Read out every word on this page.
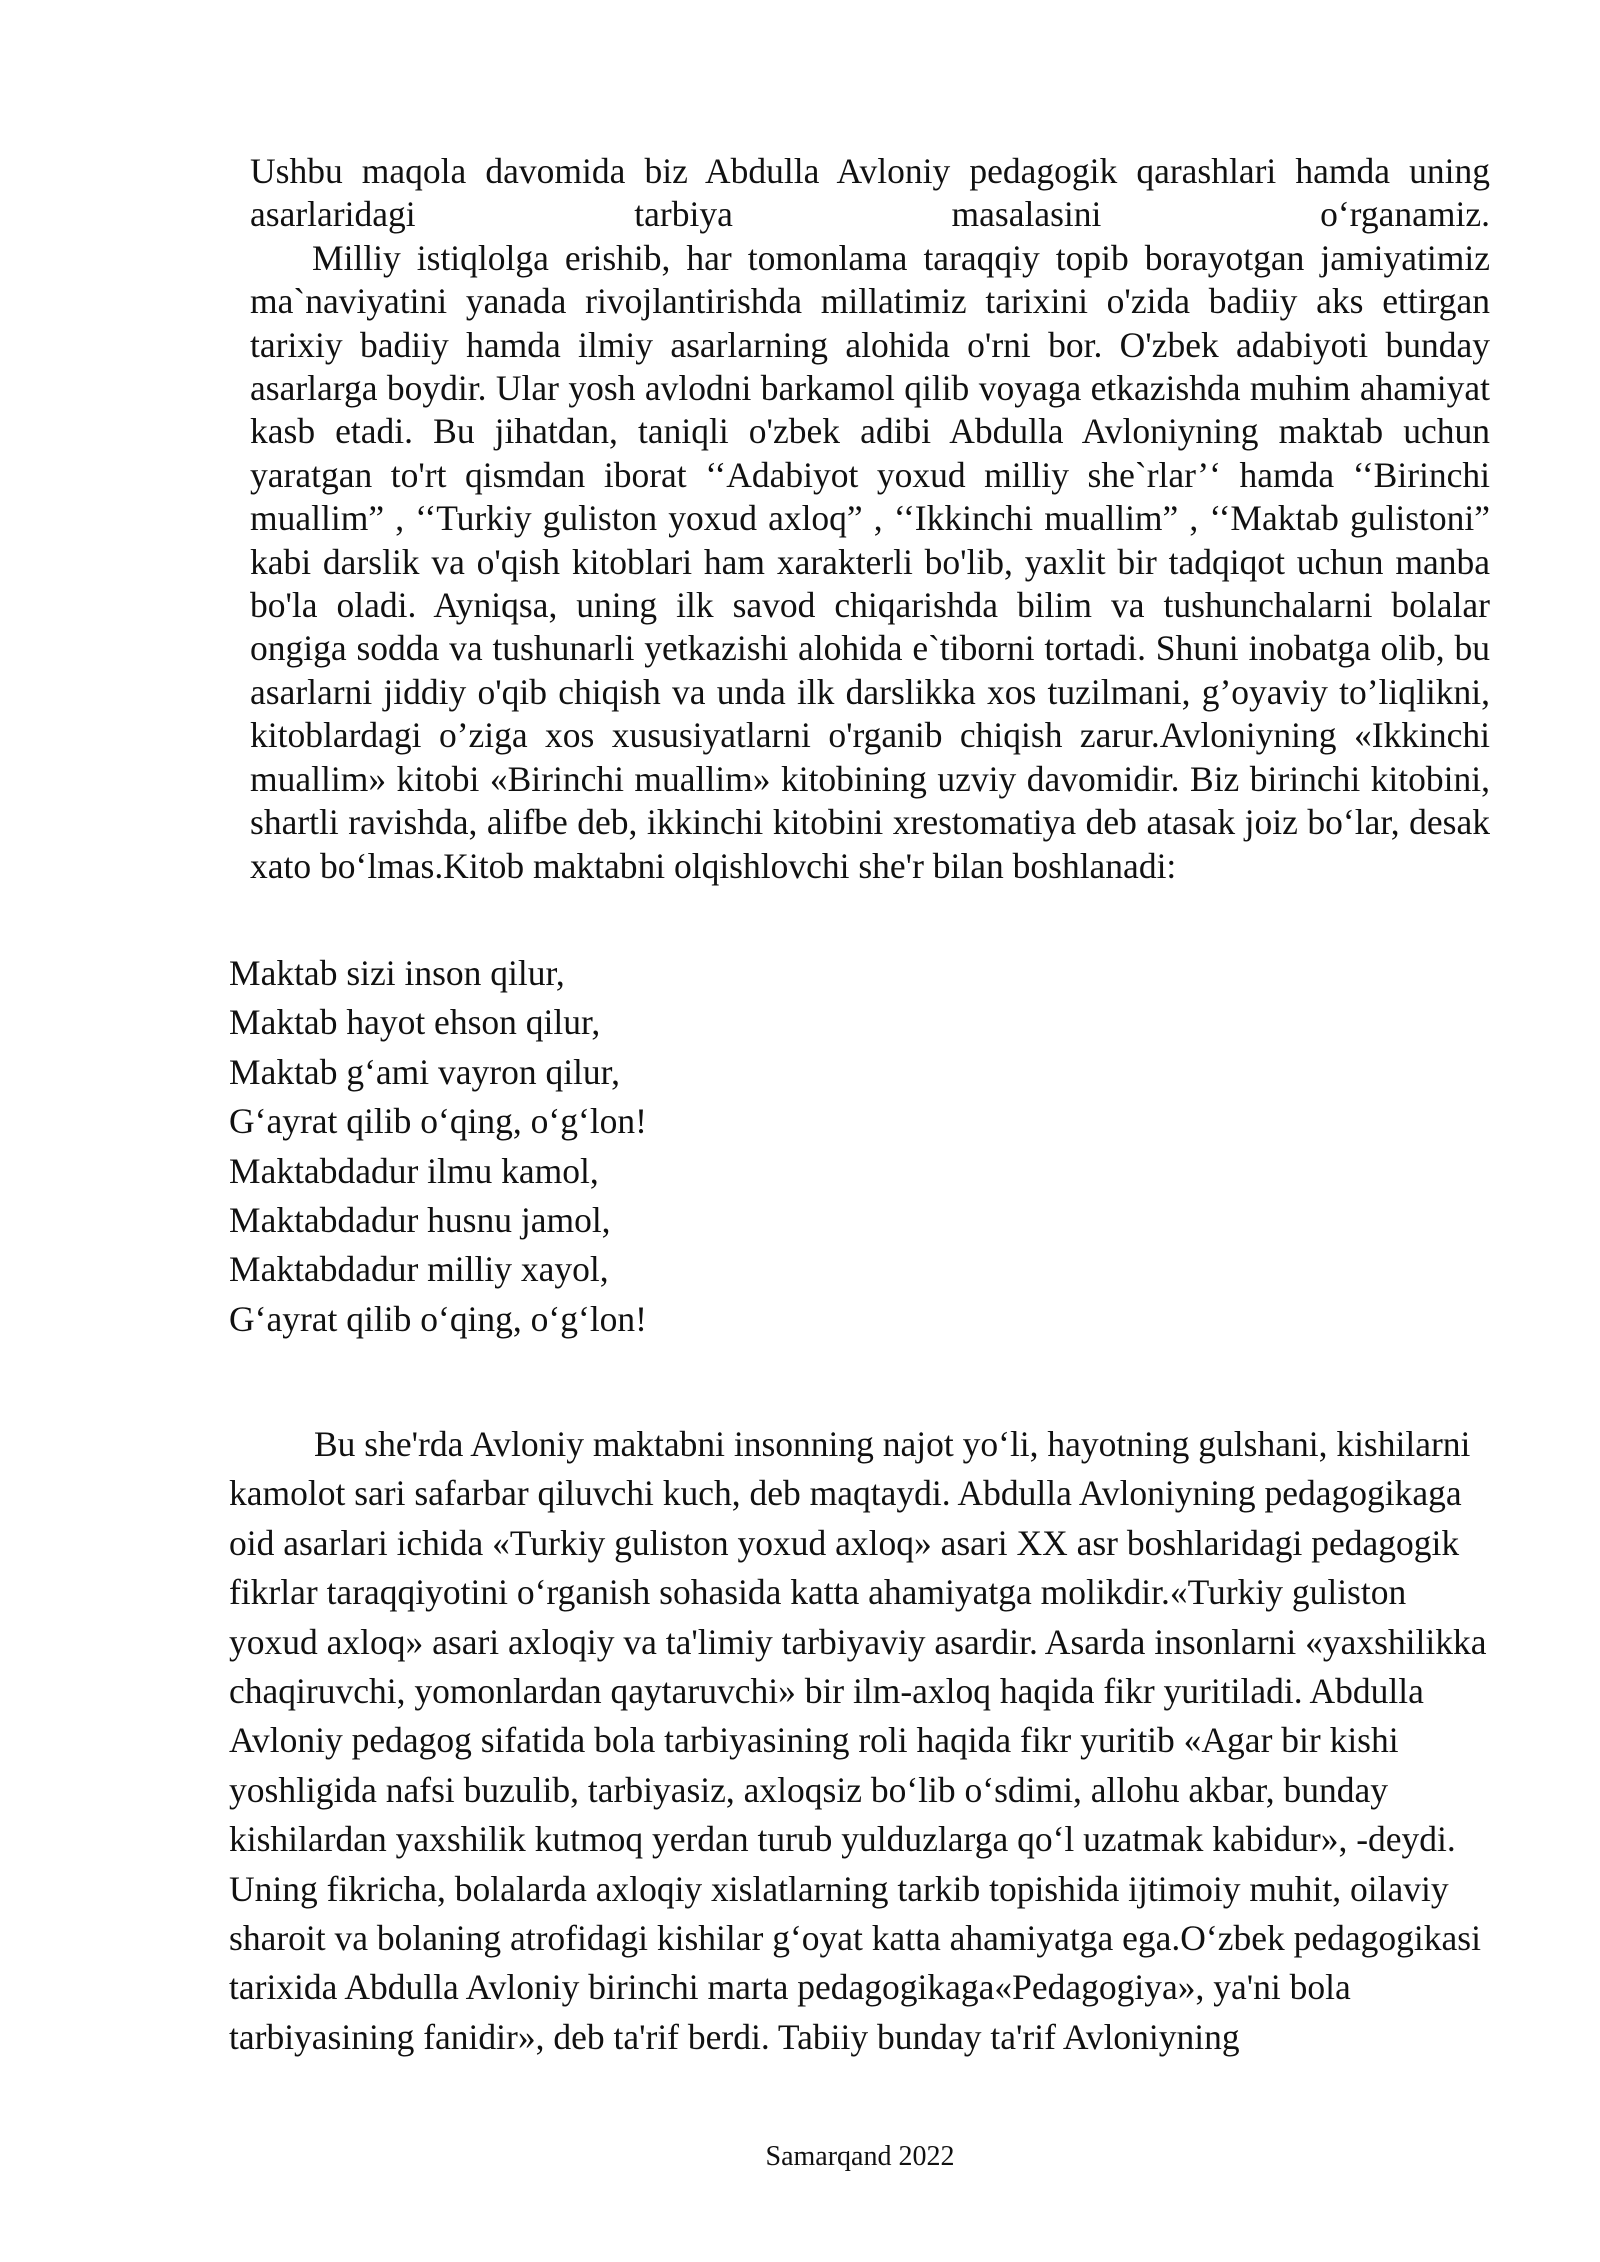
Ushbu maqola davomida biz Abdulla Avloniy pedagogik qarashlari hamda uning asarlaridagi tarbiya masalasini o‘rganamiz.
Milliy istiqlolga erishib, har tomonlama taraqqiy topib borayotgan jamiyatimiz ma`naviyatini yanada rivojlantirishda millatimiz tarixini o'zida badiiy aks ettirgan tarixiy badiiy hamda ilmiy asarlarning alohida o'rni bor. O'zbek adabiyoti bunday asarlarga boydir. Ular yosh avlodni barkamol qilib voyaga etkazishda muhim ahamiyat kasb etadi. Bu jihatdan, taniqli o'zbek adibi Abdulla Avloniyning maktab uchun yaratgan to'rt qismdan iborat ‘‘Adabiyot yoxud milliy she`rlar’‘ hamda ‘‘Birinchi muallim” , ‘‘Turkiy guliston yoxud axloq” , ‘‘Ikkinchi muallim” , ‘‘Maktab gulistoni” kabi darslik va o'qish kitoblari ham xarakterli bo'lib, yaxlit bir tadqiqot uchun manba bo'la oladi. Ayniqsa, uning ilk savod chiqarishda bilim va tushunchalarni bolalar ongiga sodda va tushunarli yetkazishi alohida e`tiborni tortadi. Shuni inobatga olib, bu asarlarni jiddiy o'qib chiqish va unda ilk darslikka xos tuzilmani, g’oyaviy to’liqlikni, kitoblardagi o’ziga xos xususiyatlarni o'rganib chiqish zarur.Avloniyning «Ikkinchi muallim» kitobi «Birinchi muallim» kitobining uzviy davomidir. Biz birinchi kitobini, shartli ravishda, alifbe deb, ikkinchi kitobini xrestomatiya deb atasak joiz bo‘lar, desak xato bo‘lmas.Kitob maktabni olqishlovchi she'r bilan boshlanadi:

Maktab sizi inson qilur,
Maktab hayot ehson qilur,
Maktab g‘ami vayron qilur,
G‘ayrat qilib o‘qing, o‘g‘lon!
Maktabdadur ilmu kamol,
Maktabdadur husnu jamol,
Maktabdadur milliy xayol,
G‘ayrat qilib o‘qing, o‘g‘lon!

Bu she'rda Avloniy maktabni insonning najot yo‘li, hayotning gulshani, kishilarni kamolot sari safarbar qiluvchi kuch, deb maqtaydi. Abdulla Avloniyning pedagogikaga oid asarlari ichida «Turkiy guliston yoxud axloq» asari XX asr boshlaridagi pedagogik fikrlar taraqqiyotini o‘rganish sohasida katta ahamiyatga molikdir.«Turkiy guliston yoxud axloq» asari axloqiy va ta'limiy tarbiyaviy asardir. Asarda insonlarni «yaxshilikka chaqiruvchi, yomonlardan qaytaruvchi» bir ilm-axloq haqida fikr yuritiladi. Abdulla Avloniy pedagog sifatida bola tarbiyasining roli haqida fikr yuritib «Agar bir kishi yoshligida nafsi buzulib, tarbiyasiz, axloqsiz bo‘lib o‘sdimi, allohu akbar, bunday kishilardan yaxshilik kutmoq yerdan turub yulduzlarga qo‘l uzatmak kabidur», -deydi. Uning fikricha, bolalarda axloqiy xislatlarning tarkib topishida ijtimoiy muhit, oilaviy sharoit va bolaning atrofidagi kishilar g‘oyat katta ahamiyatga ega.O‘zbek pedagogikasi tarixida Abdulla Avloniy birinchi marta pedagogikaga«Pedagogiya», ya'ni bola tarbiyasining fanidir», deb ta'rif berdi. Tabiiy bunday ta'rif Avloniyning

Samarqand 2022
